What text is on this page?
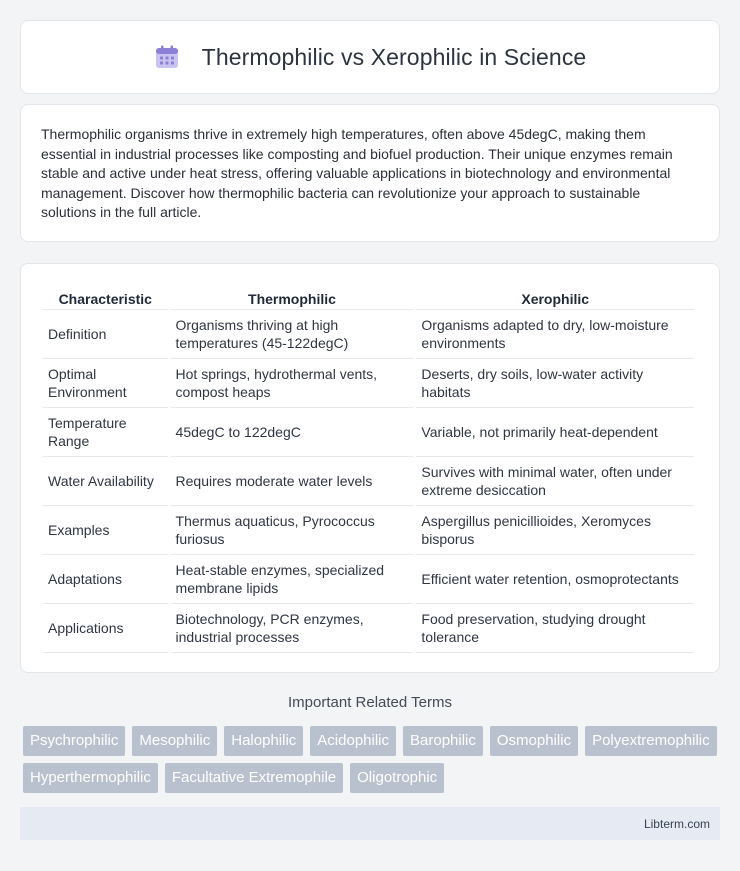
Thermophilic vs Xerophilic in Science

Thermophilic organisms thrive in extremely high temperatures, often above 45degC, making them essential in industrial processes like composting and biofuel production. Their unique enzymes remain stable and active under heat stress, offering valuable applications in biotechnology and environmental management. Discover how thermophilic bacteria can revolutionize your approach to sustainable solutions in the full article.

Characteristic	Thermophilic	Xerophilic
Definition	Organisms thriving at high temperatures (45-122degC)	Organisms adapted to dry, low-moisture environments
Optimal Environment	Hot springs, hydrothermal vents, compost heaps	Deserts, dry soils, low-water activity habitats
Temperature Range	45degC to 122degC	Variable, not primarily heat-dependent
Water Availability	Requires moderate water levels	Survives with minimal water, often under extreme desiccation
Examples	Thermus aquaticus, Pyrococcus furiosus	Aspergillus penicillioides, Xeromyces bisporus
Adaptations	Heat-stable enzymes, specialized membrane lipids	Efficient water retention, osmoprotectants
Applications	Biotechnology, PCR enzymes, industrial processes	Food preservation, studying drought tolerance
Important Related Terms
Psychrophilic	Mesophilic	Halophilic	Acidophilic	Barophilic	Osmophilic	Polyextremophilic
Hyperthermophilic	Facultative Extremophile	Oligotrophic
Libterm.com
